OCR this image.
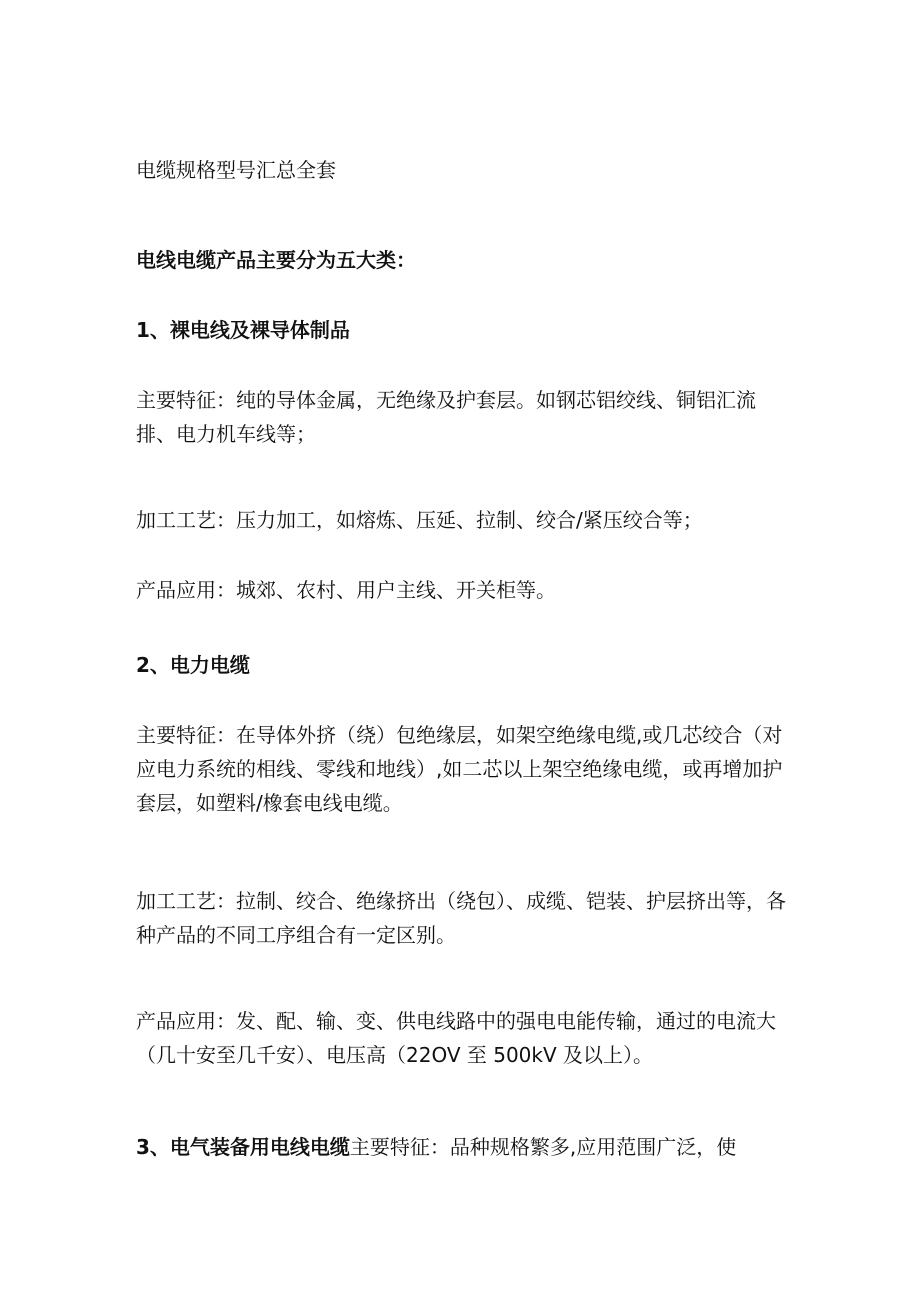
电缆规格型号汇总全套

电线电缆产品主要分为五大类：

1、裸电线及裸导体制品

主要特征：纯的导体金属，无绝缘及护套层。如钢芯铝绞线、铜铝汇流排、电力机车线等；

加工工艺：压力加工，如熔炼、压延、拉制、绞合/紧压绞合等；

产品应用：城郊、农村、用户主线、开关柜等。

2、电力电缆

主要特征：在导体外挤（绕）包绝缘层，如架空绝缘电缆,或几芯绞合（对应电力系统的相线、零线和地线）,如二芯以上架空绝缘电缆，或再增加护套层，如塑料/橡套电线电缆。

加工工艺：拉制、绞合、绝缘挤出（绕包）、成缆、铠装、护层挤出等，各种产品的不同工序组合有一定区别。

产品应用：发、配、输、变、供电线路中的强电电能传输，通过的电流大（几十安至几千安）、电压高（22OV 至 500kV 及以上）。

3、电气装备用电线电缆主要特征：品种规格繁多,应用范围广泛，使
